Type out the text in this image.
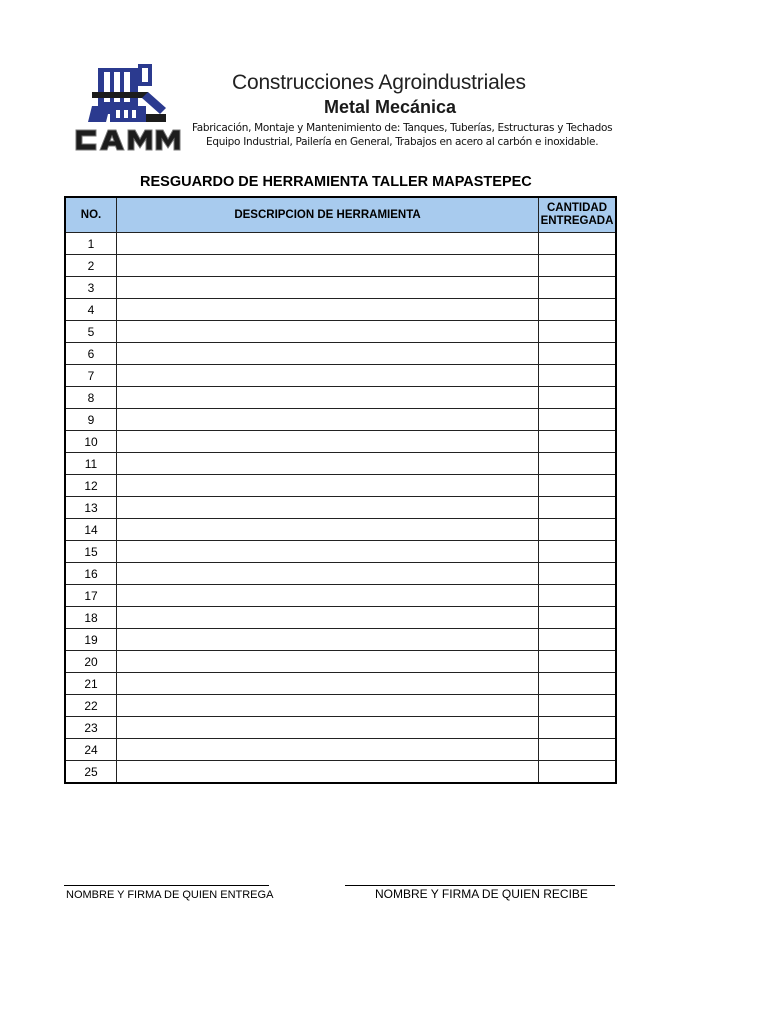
Construcciones Agroindustriales
Metal Mecánica
Fabricación, Montaje y Mantenimiento de: Tanques, Tuberías, Estructuras y Techados
Equipo Industrial, Pailería en General, Trabajos en acero al carbón e inoxidable.
RESGUARDO DE HERRAMIENTA TALLER MAPASTEPEC
NO.	DESCRIPCION DE HERRAMIENTA	CANTIDAD ENTREGADA
1		
2		
3		
4		
5		
6		
7		
8		
9		
10		
11		
12		
13		
14		
15		
16		
17		
18		
19		
20		
21		
22		
23		
24		
25		
NOMBRE Y FIRMA DE QUIEN ENTREGA	NOMBRE Y FIRMA DE QUIEN RECIBE
